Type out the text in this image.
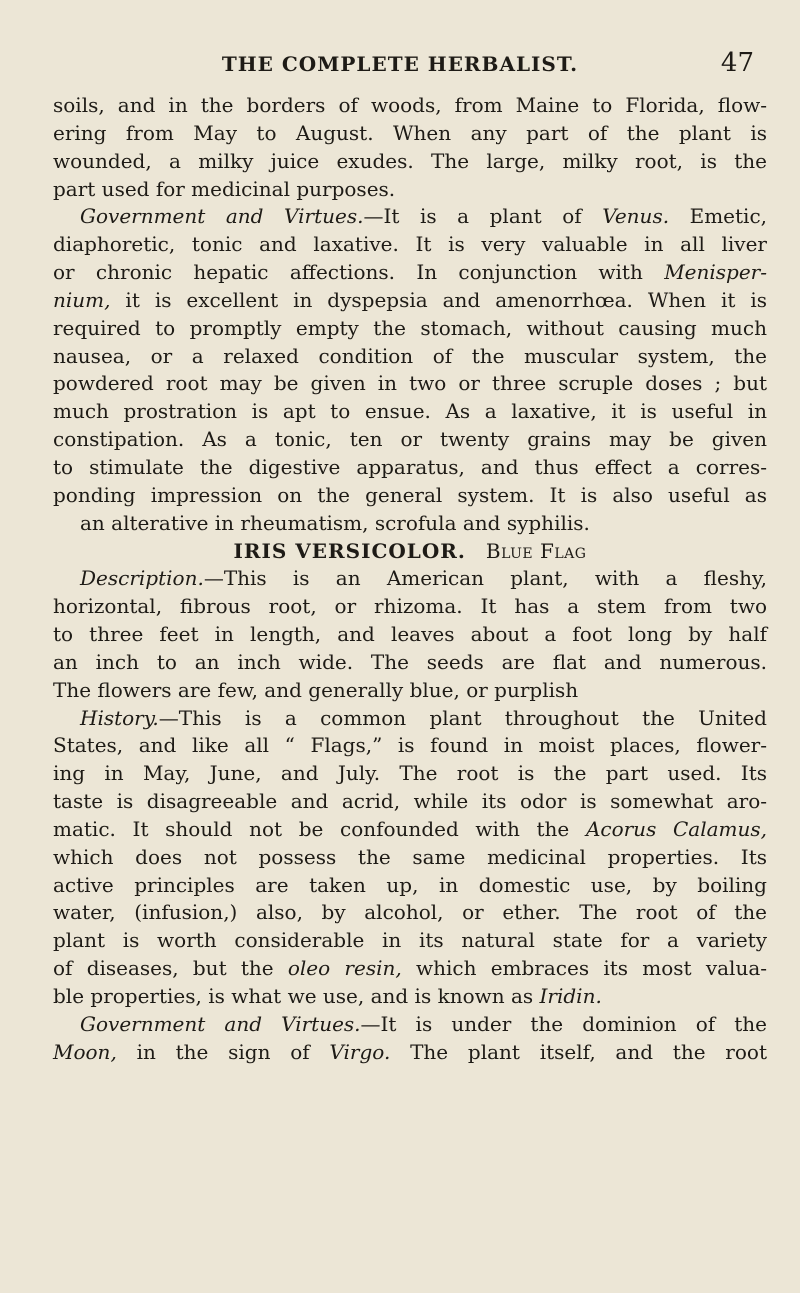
THE COMPLETE HERBALIST.	47
soils, and in the borders of woods, from Maine to Florida, flow-
ering from May to August. When any part of the plant is
wounded, a milky juice exudes. The large, milky root, is the
part used for medicinal purposes.
Government and Virtues.—It is a plant of Venus. Emetic,
diaphoretic, tonic and laxative. It is very valuable in all liver
or chronic hepatic affections. In conjunction with Menisper-
nium, it is excellent in dyspepsia and amenorrhœa. When it is
required to promptly empty the stomach, without causing much
nausea, or a relaxed condition of the muscular system, the
powdered root may be given in two or three scruple doses ; but
much prostration is apt to ensue. As a laxative, it is useful in
constipation. As a tonic, ten or twenty grains may be given
to stimulate the digestive apparatus, and thus effect a corres-
ponding impression on the general system. It is also useful as
an alterative in rheumatism, scrofula and syphilis.
IRIS VERSICOLOR. Blue Flag
Description.—This is an American plant, with a fleshy,
horizontal, fibrous root, or rhizoma. It has a stem from two
to three feet in length, and leaves about a foot long by half
an inch to an inch wide. The seeds are flat and numerous.
The flowers are few, and generally blue, or purplish
History.—This is a common plant throughout the United
States, and like all “ Flags,” is found in moist places, flower-
ing in May, June, and July. The root is the part used. Its
taste is disagreeable and acrid, while its odor is somewhat aro-
matic. It should not be confounded with the Acorus Calamus,
which does not possess the same medicinal properties. Its
active principles are taken up, in domestic use, by boiling
water, (infusion,) also, by alcohol, or ether. The root of the
plant is worth considerable in its natural state for a variety
of diseases, but the oleo resin, which embraces its most valua-
ble properties, is what we use, and is known as Iridin.
Government and Virtues.—It is under the dominion of the
Moon, in the sign of Virgo. The plant itself, and the root
